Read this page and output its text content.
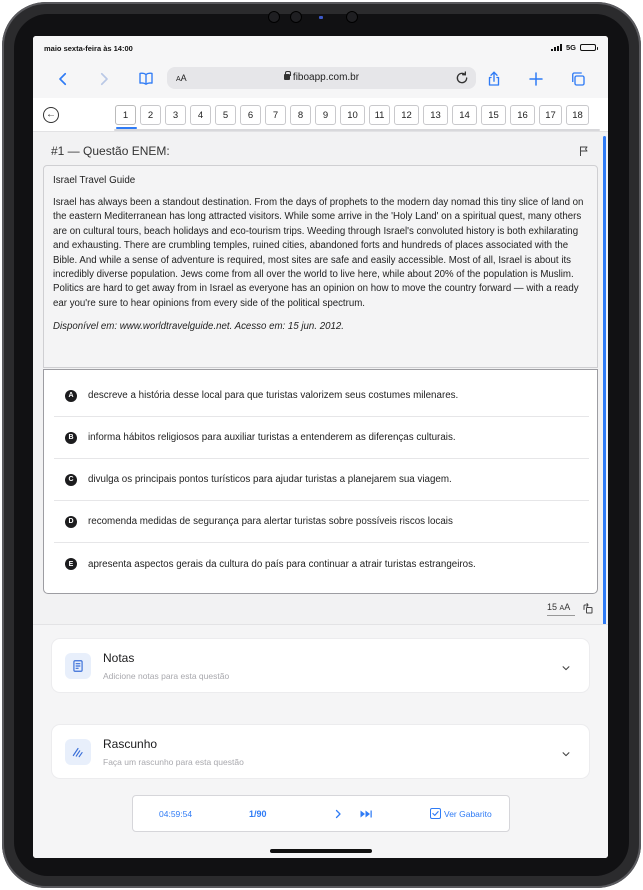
maio sexta-feira às 14:00	5G
AA	fiboapp.com.br
←	1	2	3	4	5	6	7	8	9	10	11	12	13	14	15	16	17	18
#1 — Questão ENEM:
Israel Travel Guide
Israel has always been a standout destination. From the days of prophets to the modern day nomad this tiny slice of land on the eastern Mediterranean has long attracted visitors. While some arrive in the 'Holy Land' on a spiritual quest, many others are on cultural tours, beach holidays and eco-tourism trips. Weeding through Israel's convoluted history is both exhilarating and exhausting. There are crumbling temples, ruined cities, abandoned forts and hundreds of places associated with the Bible. And while a sense of adventure is required, most sites are safe and easily accessible. Most of all, Israel is about its incredibly diverse population. Jews come from all over the world to live here, while about 20% of the population is Muslim. Politics are hard to get away from in Israel as everyone has an opinion on how to move the country forward — with a ready ear you're sure to hear opinions from every side of the political spectrum.
Disponível em: www.worldtravelguide.net. Acesso em: 15 jun. 2012.
A	descreve a história desse local para que turistas valorizem seus costumes milenares.
B	informa hábitos religiosos para auxiliar turistas a entenderem as diferenças culturais.
C	divulga os principais pontos turísticos para ajudar turistas a planejarem sua viagem.
D	recomenda medidas de segurança para alertar turistas sobre possíveis riscos locais
E	apresenta aspectos gerais da cultura do país para continuar a atrair turistas estrangeiros.
15 AA
Notas
Adicione notas para esta questão
Rascunho
Faça um rascunho para esta questão
04:59:54	1/90	Ver Gabarito
